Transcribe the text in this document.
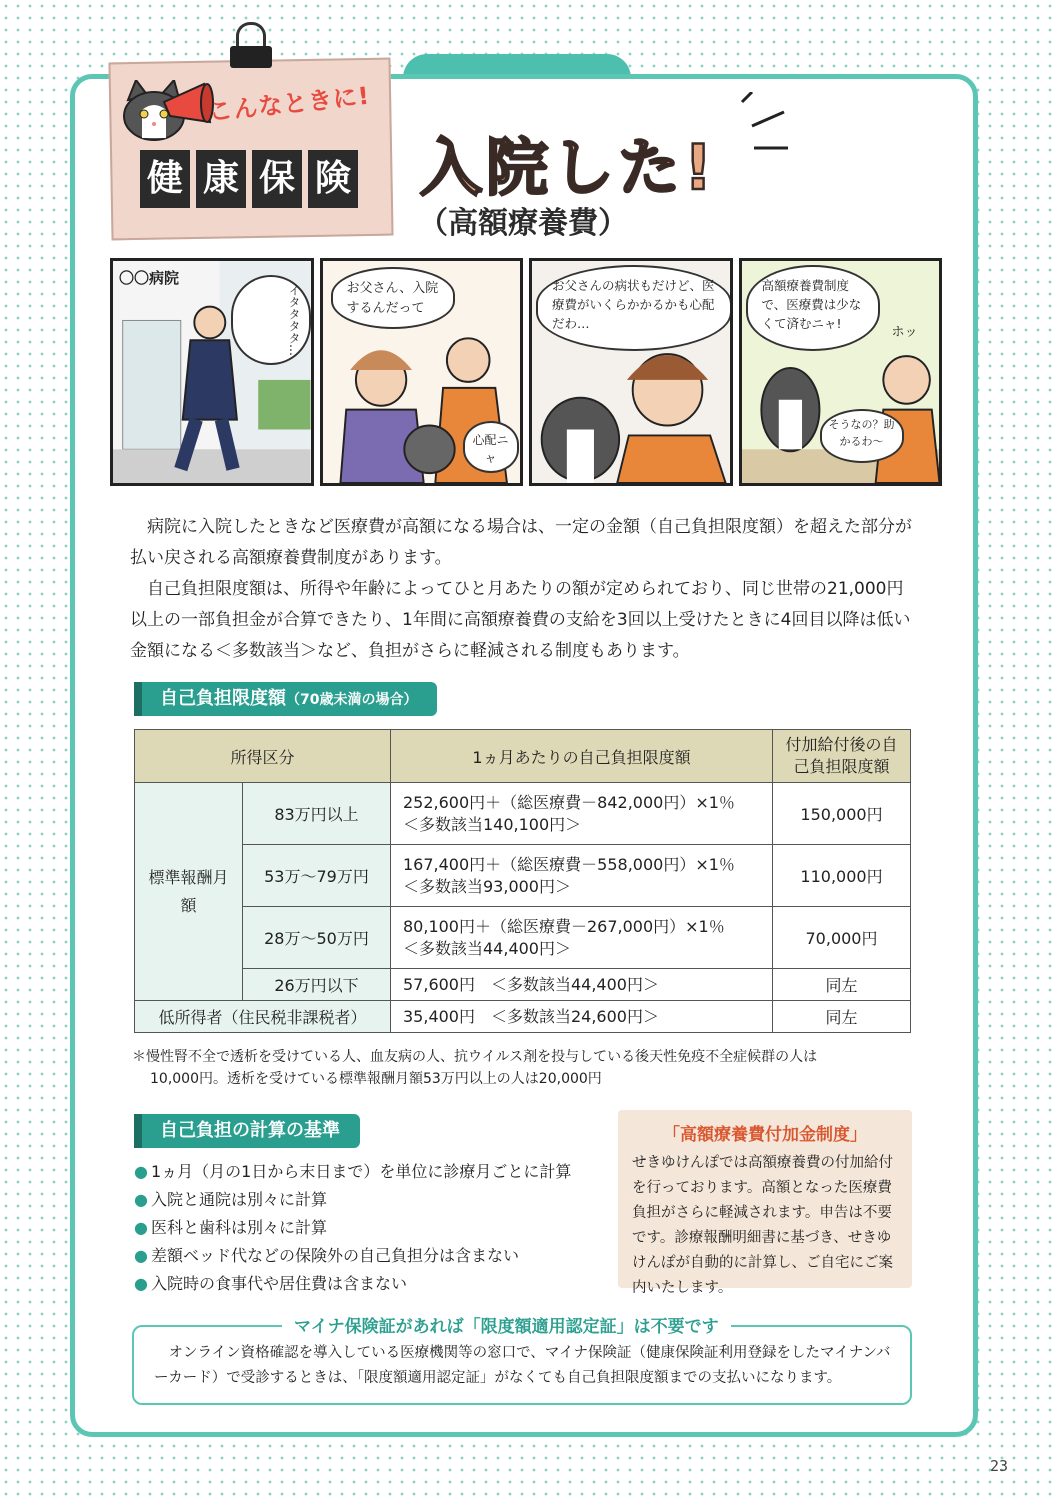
こんなときに!
健 康 保 険 入院した!
（高額療養費）
〇〇病院
イタタタタ…	お父さん、入院するんだって
心配ニャ
お父さんの病状もだけど、医療費がいくらかかるかも心配だわ…
高額療養費制度で、医療費は少なくて済むニャ!
ホッ
そうなの？助かるわ～

病院に入院したときなど医療費が高額になる場合は、一定の金額（自己負担限度額）を超えた部分が払い戻される高額療養費制度があります。

自己負担限度額は、所得や年齢によってひと月あたりの額が定められており、同じ世帯の21,000円以上の一部負担金が合算できたり、1年間に高額療養費の支給を3回以上受けたときに4回目以降は低い金額になる＜多数該当＞など、負担がさらに軽減される制度もあります。

自己負担限度額（70歳未満の場合）
所得区分		1ヵ月あたりの自己負担限度額	付加給付後の自己負担限度額
標準報酬月額	83万円以上	252,600円＋（総医療費－842,000円）×1％
＜多数該当140,100円＞	150,000円
	53万～79万円	167,400円＋（総医療費－558,000円）×1％
＜多数該当93,000円＞	110,000円
	28万～50万円	80,100円＋（総医療費－267,000円）×1％
＜多数該当44,400円＞	70,000円
	26万円以下	57,600円　＜多数該当44,400円＞	同左
低所得者（住民税非課税者）		35,400円　＜多数該当24,600円＞	同左
＊慢性腎不全で透析を受けている人、血友病の人、抗ウイルス剤を投与している後天性免疫不全症候群の人は
10,000円。透析を受けている標準報酬月額53万円以上の人は20,000円
自己負担の計算の基準
● 1ヵ月（月の1日から末日まで）を単位に診療月ごとに計算
● 入院と通院は別々に計算
● 医科と歯科は別々に計算
● 差額ベッド代などの保険外の自己負担分は含まない
● 入院時の食事代や居住費は含まない
「高額療養費付加金制度」
せきゆけんぽでは高額療養費の付加給付を行っております。高額となった医療費負担がさらに軽減されます。申告は不要です。診療報酬明細書に基づき、せきゆけんぽが自動的に計算し、ご自宅にご案内いたします。

オンライン資格確認を導入している医療機関等の窓口で、マイナ保険証（健康保険証利用登録をしたマイナンバーカード）で受診するときは、「限度額適用認定証」がなくても自己負担限度額までの支払いになります。

マイナ保険証があれば「限度額適用認定証」は不要です
23
